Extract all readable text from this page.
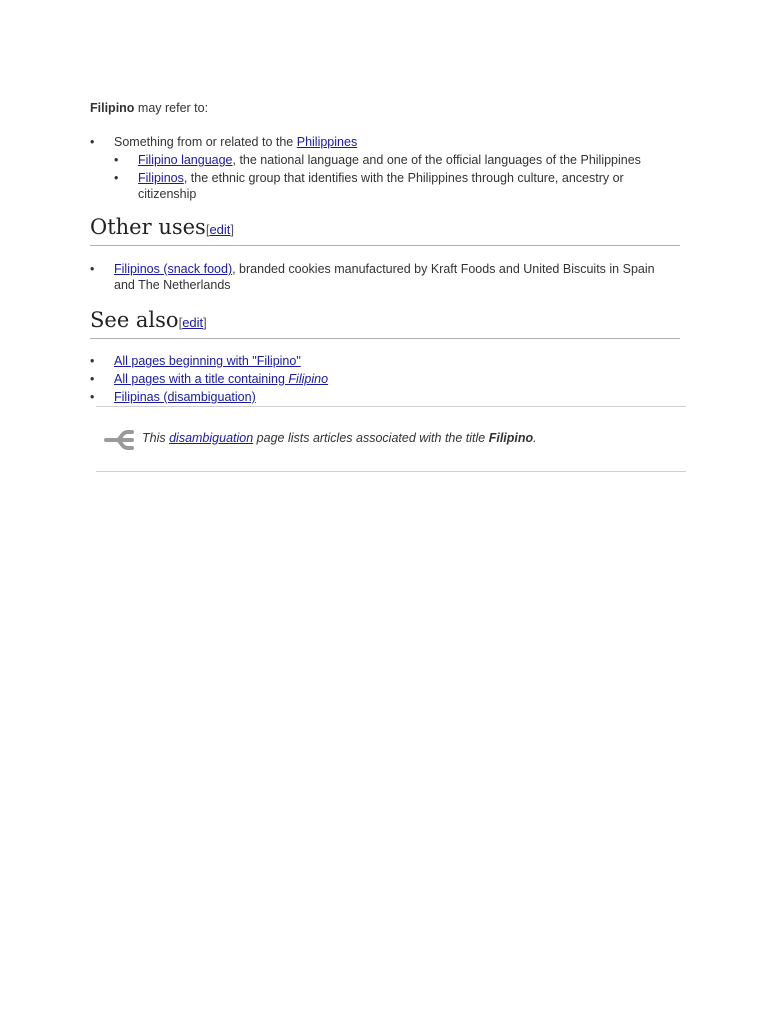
Filipino may refer to:
• Something from or related to the Philippines
• Filipino language, the national language and one of the official languages of the Philippines
• Filipinos, the ethnic group that identifies with the Philippines through culture, ancestry or citizenship
Other uses[edit]
• Filipinos (snack food), branded cookies manufactured by Kraft Foods and United Biscuits in Spain and The Netherlands
See also[edit]
• All pages beginning with "Filipino"
• All pages with a title containing Filipino
• Filipinas (disambiguation)
This disambiguation page lists articles associated with the title Filipino.
